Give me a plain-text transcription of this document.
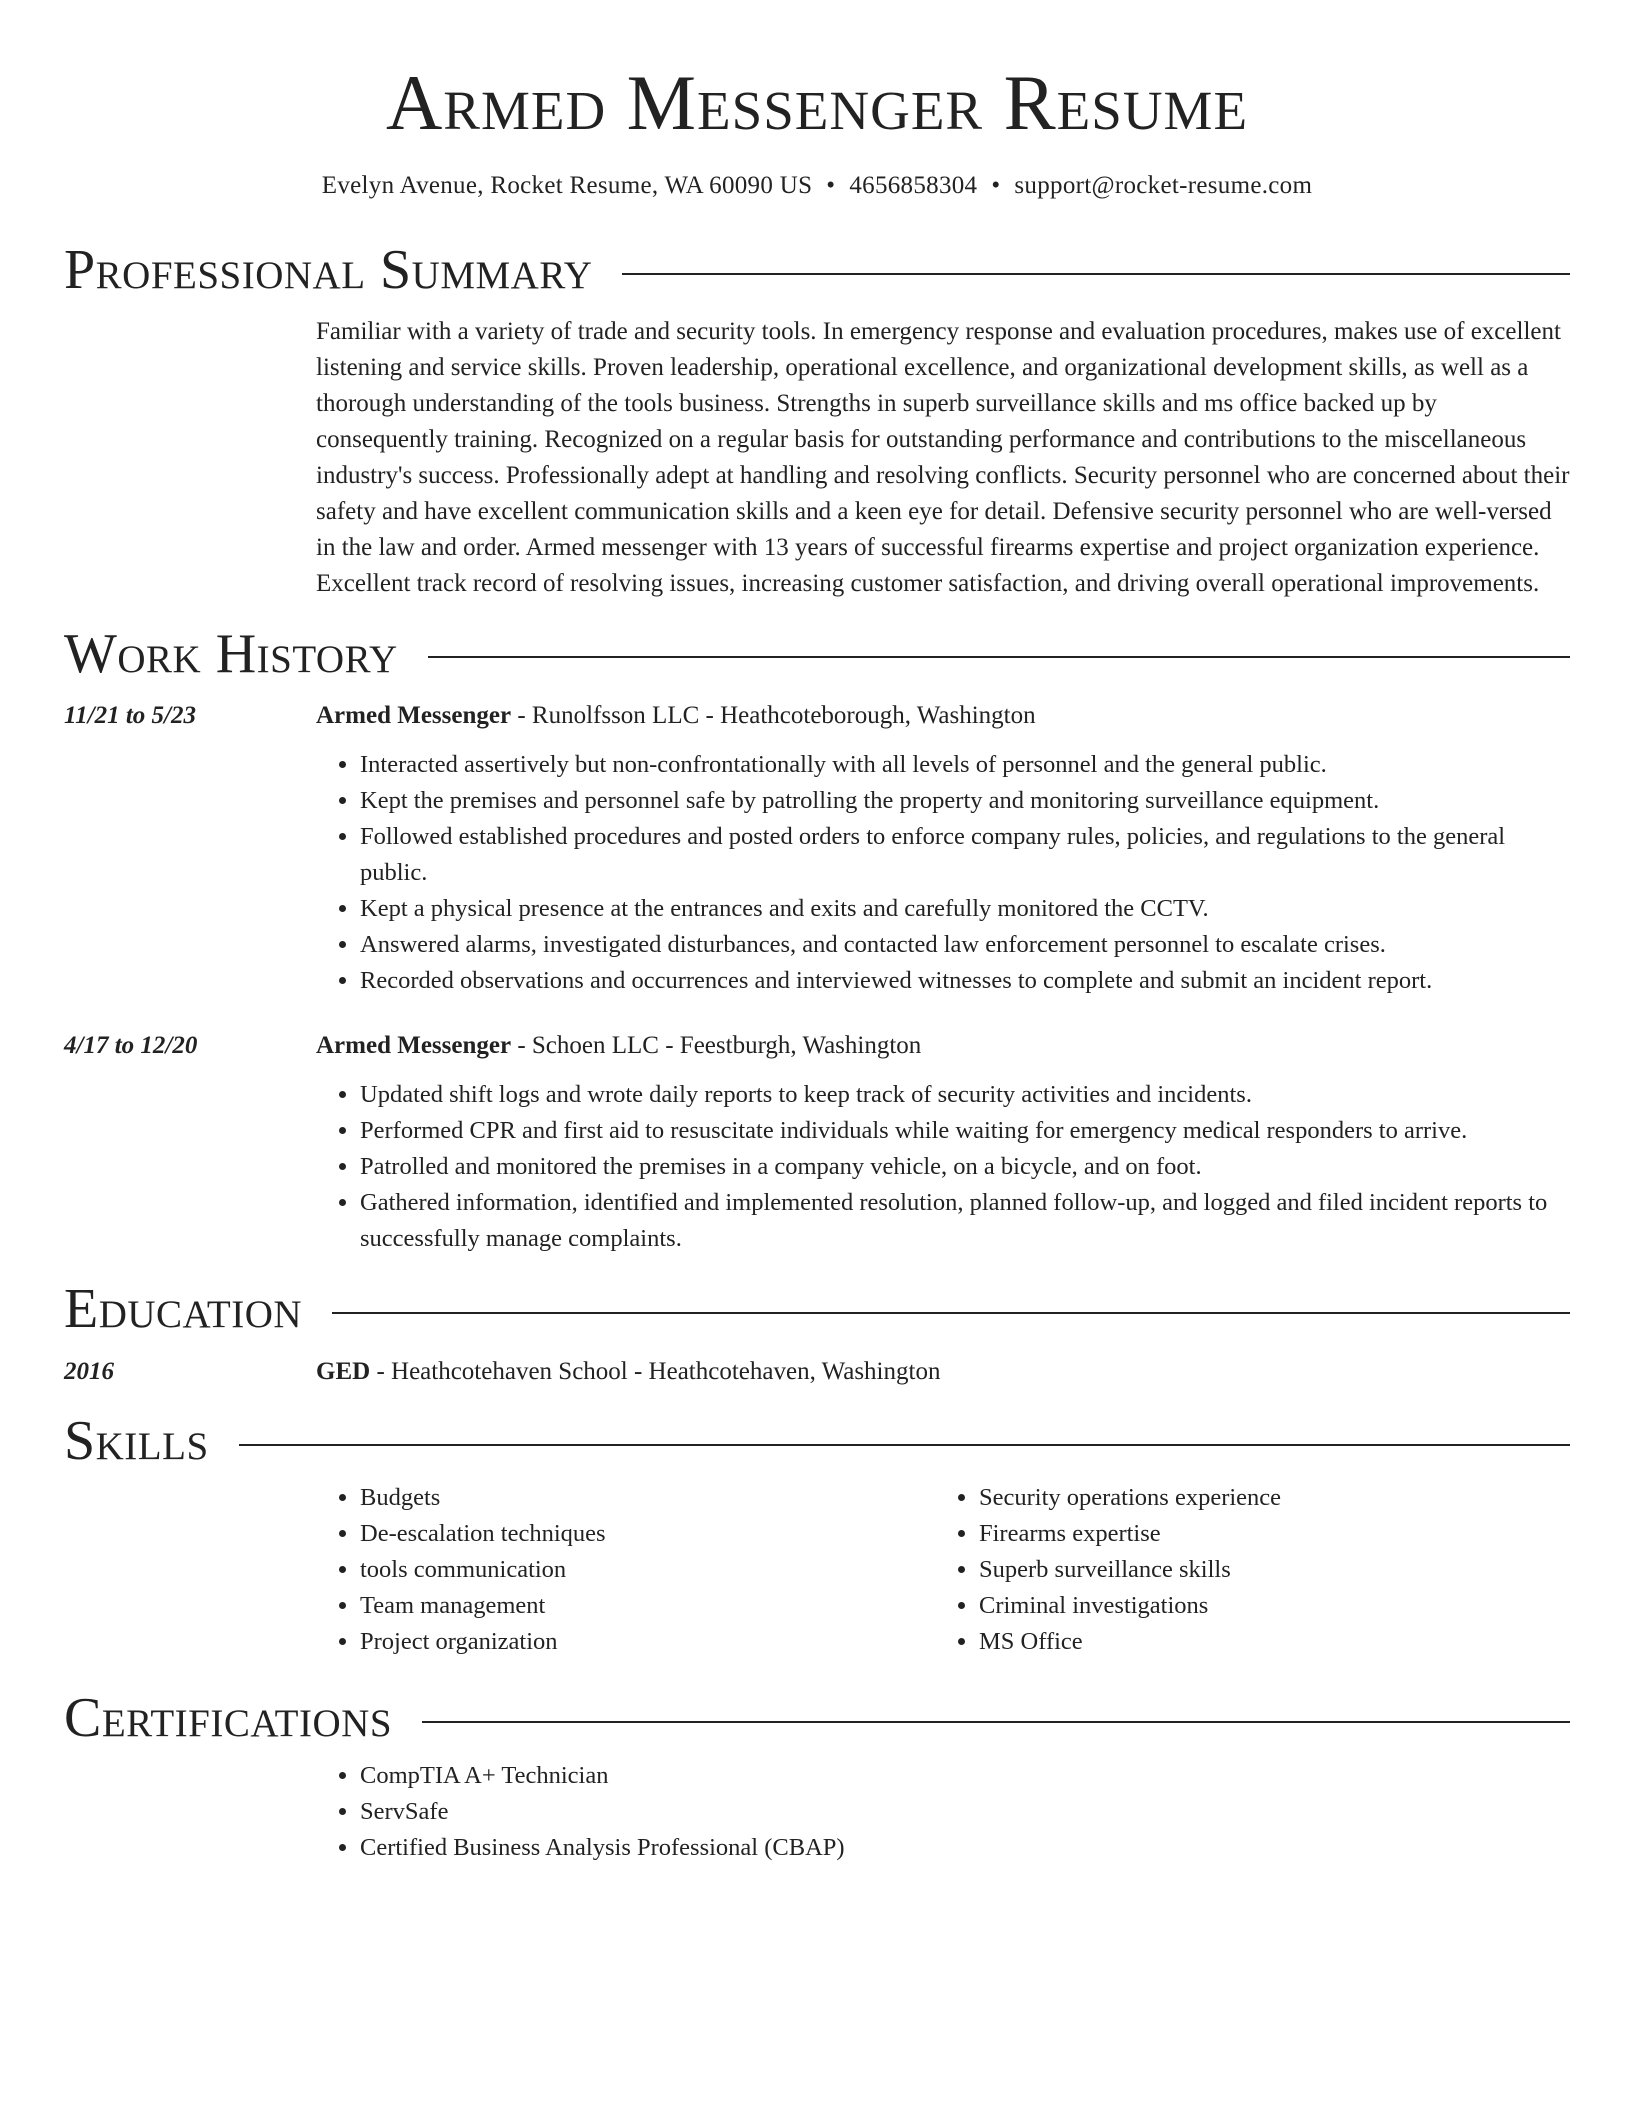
Armed Messenger Resume
Evelyn Avenue, Rocket Resume, WA 60090 US • 4656858304 • support@rocket-resume.com
Professional Summary
Familiar with a variety of trade and security tools. In emergency response and evaluation procedures, makes use of excellent listening and service skills. Proven leadership, operational excellence, and organizational development skills, as well as a thorough understanding of the tools business. Strengths in superb surveillance skills and ms office backed up by consequently training. Recognized on a regular basis for outstanding performance and contributions to the miscellaneous industry's success. Professionally adept at handling and resolving conflicts. Security personnel who are concerned about their safety and have excellent communication skills and a keen eye for detail. Defensive security personnel who are well-versed in the law and order. Armed messenger with 13 years of successful firearms expertise and project organization experience. Excellent track record of resolving issues, increasing customer satisfaction, and driving overall operational improvements.
Work History
11/21 to 5/23	Armed Messenger - Runolfsson LLC - Heathcoteborough, Washington
• Interacted assertively but non-confrontationally with all levels of personnel and the general public.
• Kept the premises and personnel safe by patrolling the property and monitoring surveillance equipment.
• Followed established procedures and posted orders to enforce company rules, policies, and regulations to the general public.
• Kept a physical presence at the entrances and exits and carefully monitored the CCTV.
• Answered alarms, investigated disturbances, and contacted law enforcement personnel to escalate crises.
• Recorded observations and occurrences and interviewed witnesses to complete and submit an incident report.
4/17 to 12/20	Armed Messenger - Schoen LLC - Feestburgh, Washington
• Updated shift logs and wrote daily reports to keep track of security activities and incidents.
• Performed CPR and first aid to resuscitate individuals while waiting for emergency medical responders to arrive.
• Patrolled and monitored the premises in a company vehicle, on a bicycle, and on foot.
• Gathered information, identified and implemented resolution, planned follow-up, and logged and filed incident reports to successfully manage complaints.
Education
2016	GED - Heathcotehaven School - Heathcotehaven, Washington
Skills
• Budgets
• De-escalation techniques
• tools communication
• Team management
• Project organization
• Security operations experience
• Firearms expertise
• Superb surveillance skills
• Criminal investigations
• MS Office
Certifications
• CompTIA A+ Technician
• ServSafe
• Certified Business Analysis Professional (CBAP)
